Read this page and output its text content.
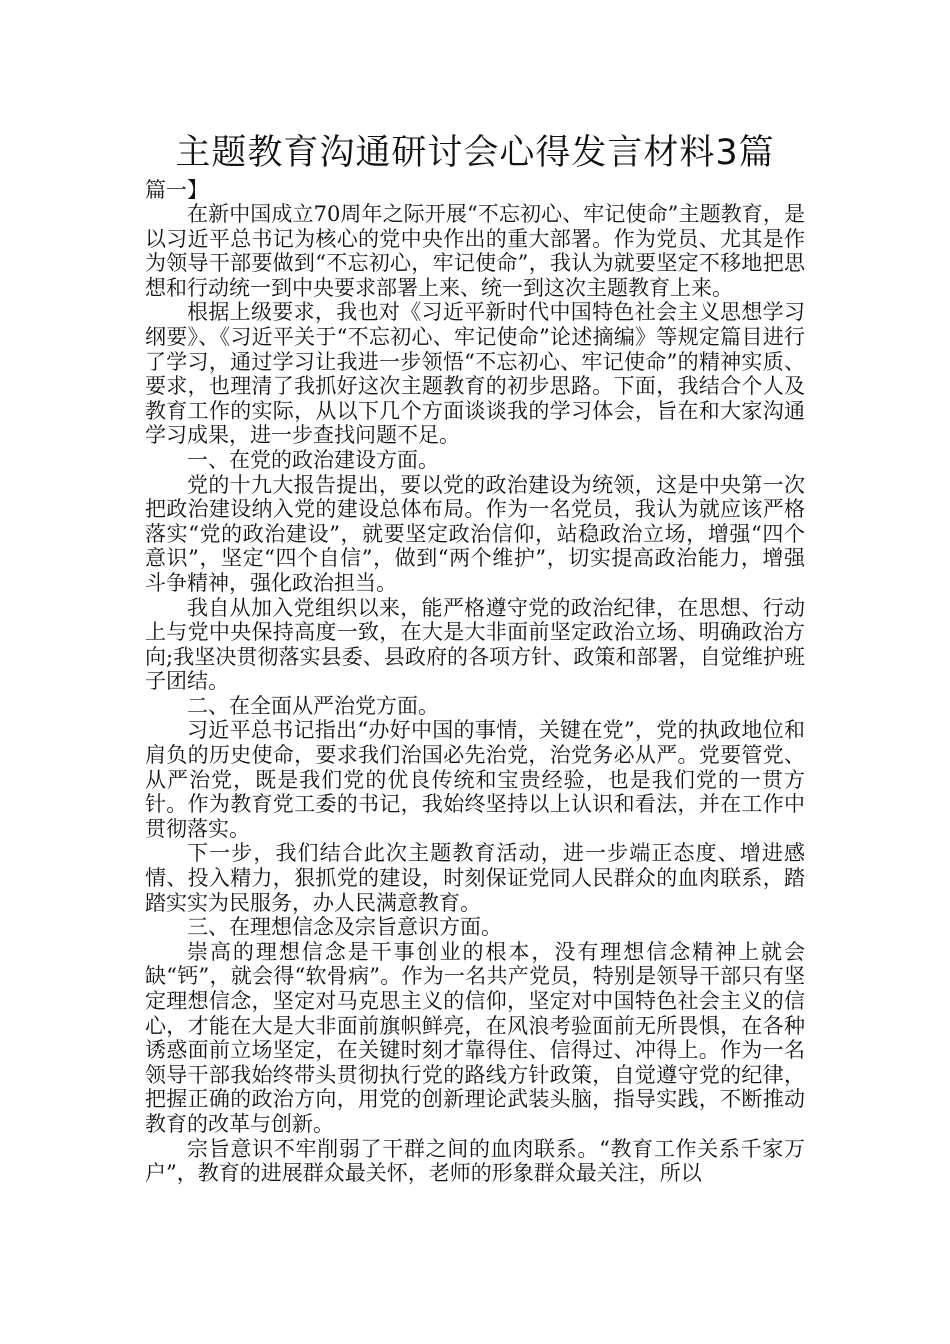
主题教育沟通研讨会心得发言材料3篇

篇一】

在新中国成立70周年之际开展“不忘初心、牢记使命”主题教育，是以习近平总书记为核心的党中央作出的重大部署。作为党员、尤其是作为领导干部要做到“不忘初心，牢记使命”，我认为就要坚定不移地把思想和行动统一到中央要求部署上来、统一到这次主题教育上来。

根据上级要求，我也对《习近平新时代中国特色社会主义思想学习纲要》、《习近平关于“不忘初心、牢记使命”论述摘编》等规定篇目进行了学习，通过学习让我进一步领悟“不忘初心、牢记使命”的精神实质、要求，也理清了我抓好这次主题教育的初步思路。下面，我结合个人及教育工作的实际，从以下几个方面谈谈我的学习体会，旨在和大家沟通学习成果，进一步查找问题不足。

一、在党的政治建设方面。

党的十九大报告提出，要以党的政治建设为统领，这是中央第一次把政治建设纳入党的建设总体布局。作为一名党员，我认为就应该严格落实“党的政治建设”，就要坚定政治信仰，站稳政治立场，增强“四个意识”，坚定“四个自信”，做到“两个维护”，切实提高政治能力，增强斗争精神，强化政治担当。

我自从加入党组织以来，能严格遵守党的政治纪律，在思想、行动上与党中央保持高度一致，在大是大非面前坚定政治立场、明确政治方向;我坚决贯彻落实县委、县政府的各项方针、政策和部署，自觉维护班子团结。

二、在全面从严治党方面。

习近平总书记指出“办好中国的事情，关键在党”，党的执政地位和肩负的历史使命，要求我们治国必先治党，治党务必从严。党要管党、从严治党，既是我们党的优良传统和宝贵经验，也是我们党的一贯方针。作为教育党工委的书记，我始终坚持以上认识和看法，并在工作中贯彻落实。

下一步，我们结合此次主题教育活动，进一步端正态度、增进感情、投入精力，狠抓党的建设，时刻保证党同人民群众的血肉联系，踏踏实实为民服务，办人民满意教育。

三、在理想信念及宗旨意识方面。

崇高的理想信念是干事创业的根本，没有理想信念精神上就会缺“钙”，就会得“软骨病”。作为一名共产党员，特别是领导干部只有坚定理想信念，坚定对马克思主义的信仰，坚定对中国特色社会主义的信心，才能在大是大非面前旗帜鲜亮，在风浪考验面前无所畏惧，在各种诱惑面前立场坚定，在关键时刻才靠得住、信得过、冲得上。作为一名领导干部我始终带头贯彻执行党的路线方针政策，自觉遵守党的纪律，把握正确的政治方向，用党的创新理论武装头脑，指导实践，不断推动教育的改革与创新。

宗旨意识不牢削弱了干群之间的血肉联系。“教育工作关系千家万户”，教育的进展群众最关怀，老师的形象群众最关注，所以
